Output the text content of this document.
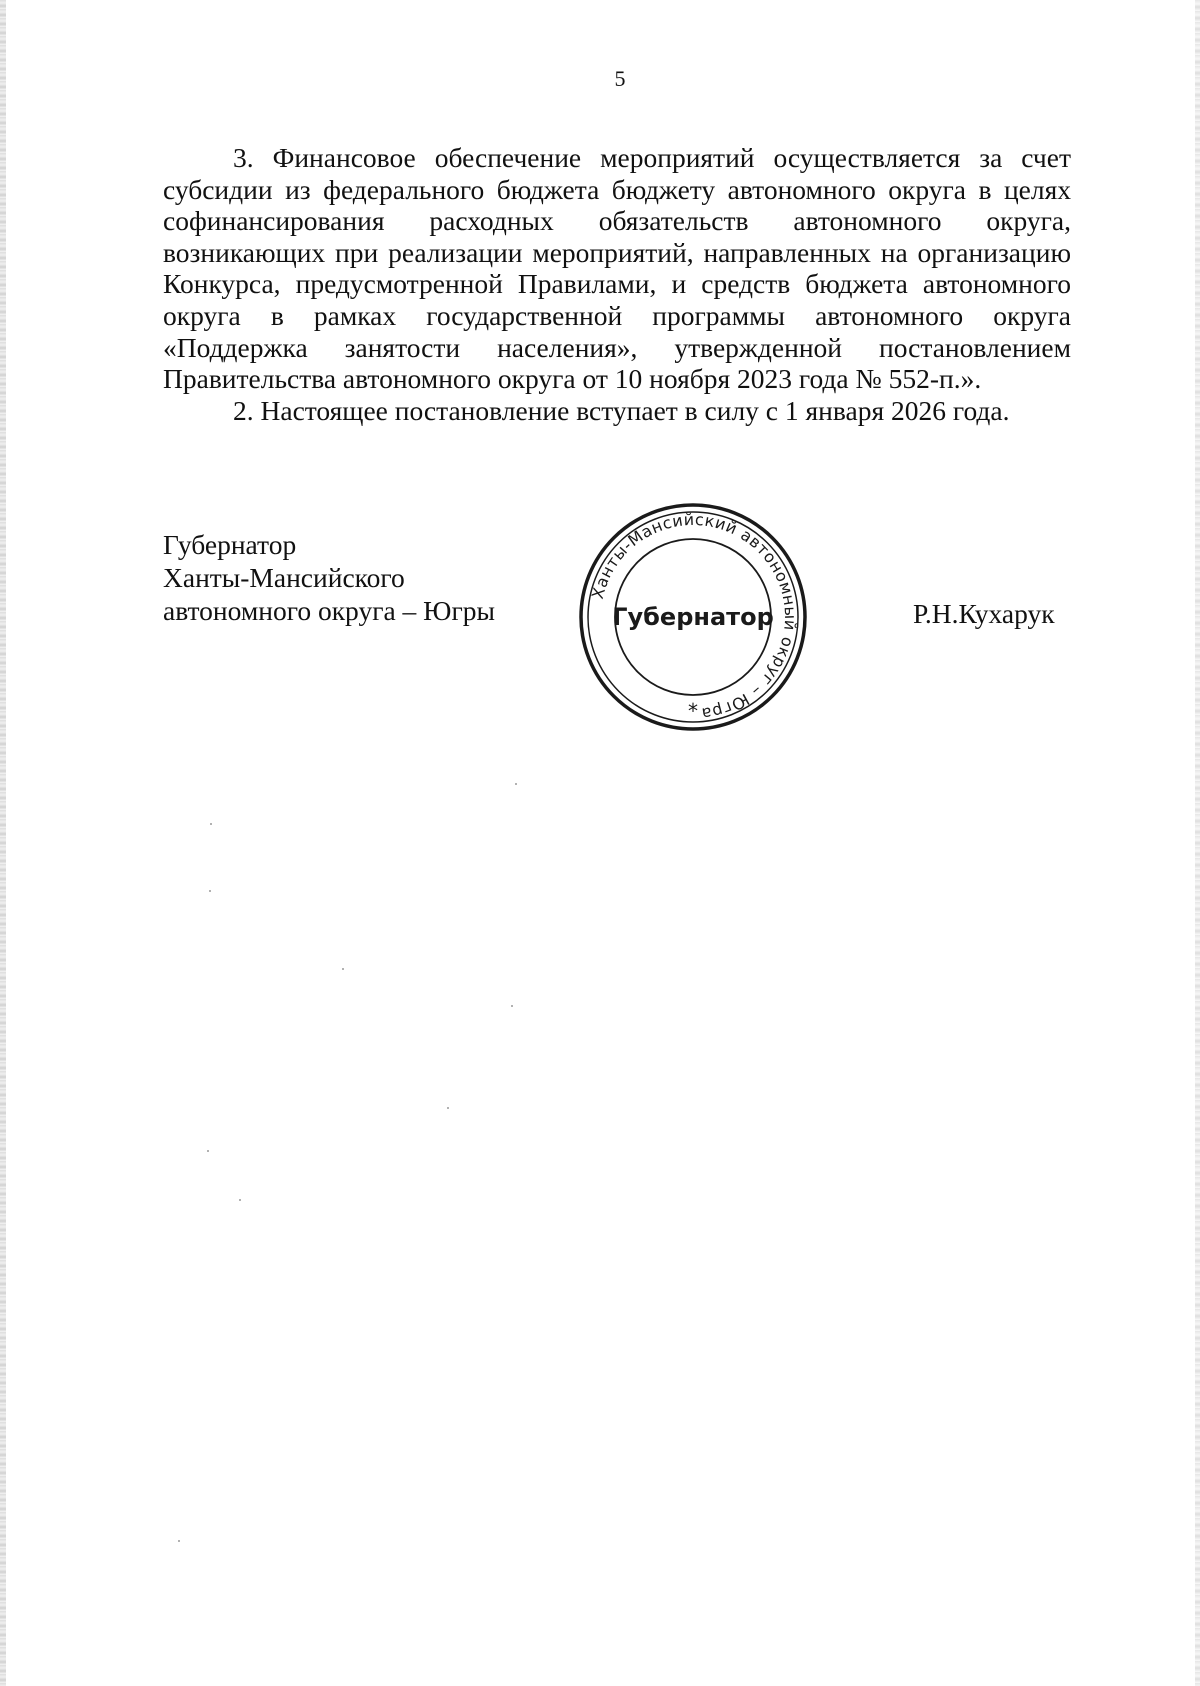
5

3. Финансовое обеспечение мероприятий осуществляется за счет
субсидии из федерального бюджета бюджету автономного округа в целях
софинансирования расходных обязательств автономного округа,
возникающих при реализации мероприятий, направленных на организацию
Конкурса, предусмотренной Правилами, и средств бюджета автономного
округа в рамках государственной программы автономного округа
«Поддержка занятости населения», утвержденной постановлением
Правительства автономного округа от 10 ноября 2023 года № 552-п.».

2. Настоящее постановление вступает в силу с 1 января 2026 года.

Губернатор
Ханты-Мансийского
автономного округа – Югры
Ханты-Мансийский автономный округ – Югра
Губернатор
*
Р.Н.Кухарук
